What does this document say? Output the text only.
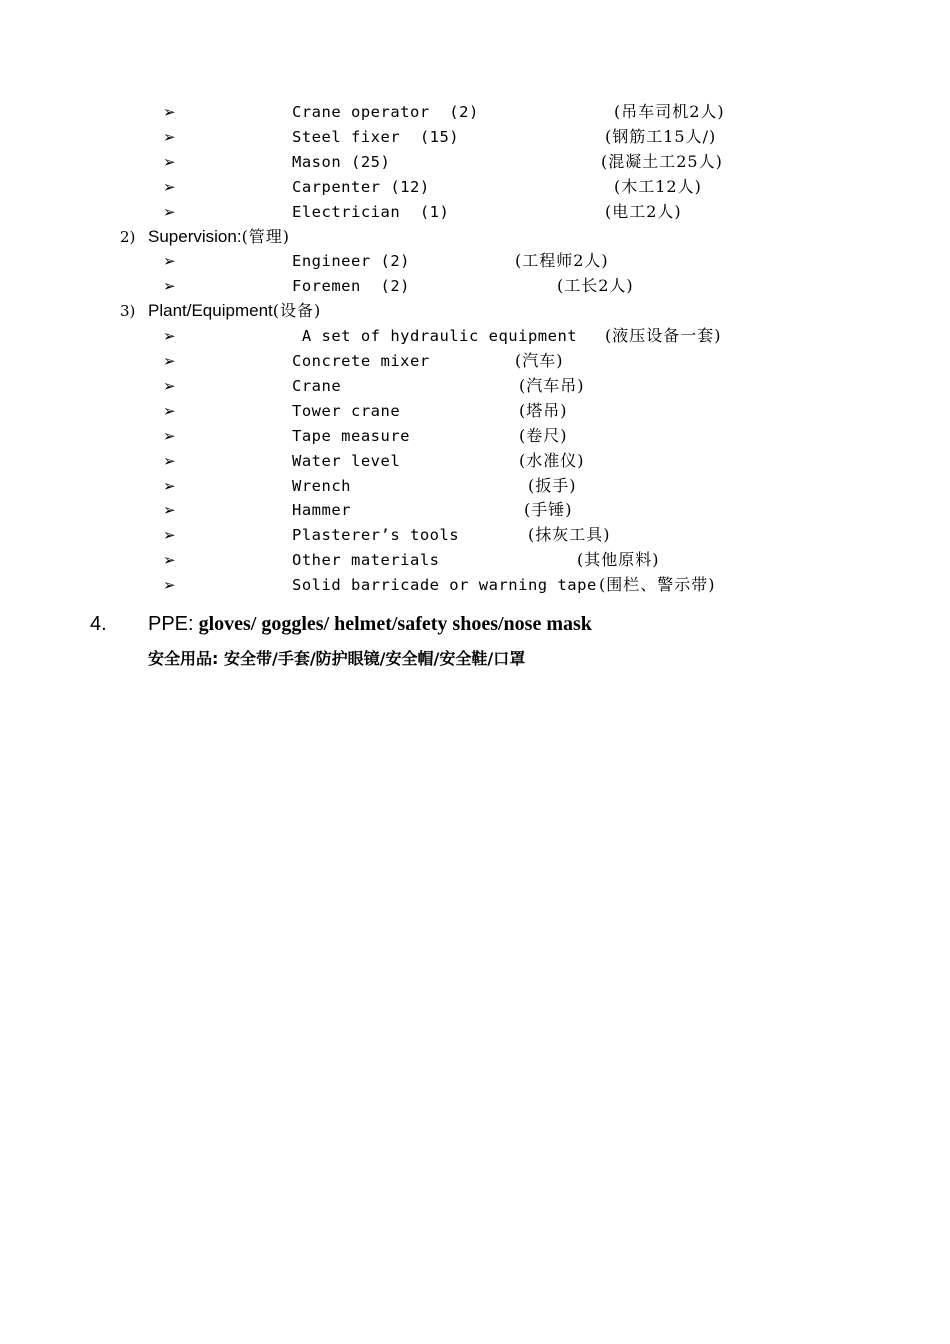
➢	Crane operator  (2)	(吊车司机2人)
➢	Steel fixer  (15)	(钢筋工15人/)
➢	Mason (25)	(混凝土工25人)
➢	Carpenter (12)	(木工12人)
➢	Electrician  (1)	(电工2人)
2) Supervision:(管理)
➢	Engineer (2)	(工程师2人)
➢	Foremen  (2)	(工长2人)
3) Plant/Equipment(设备)
➢	A set of hydraulic equipment (液压设备一套)
➢	Concrete mixer	(汽车)
➢	Crane	(汽车吊)
➢	Tower crane	(塔吊)
➢	Tape measure	(卷尺)
➢	Water level	(水准仪)
➢	Wrench	(扳手)
➢	Hammer	(手锤)
➢	Plasterer’s tools	(抹灰工具)
➢	Other materials	(其他原料)
➢	Solid barricade or warning tape (围栏、警示带)
4. PPE: gloves/ goggles/ helmet/safety shoes/nose mask
安全用品: 安全带/手套/防护眼镜/安全帽/安全鞋/口罩
